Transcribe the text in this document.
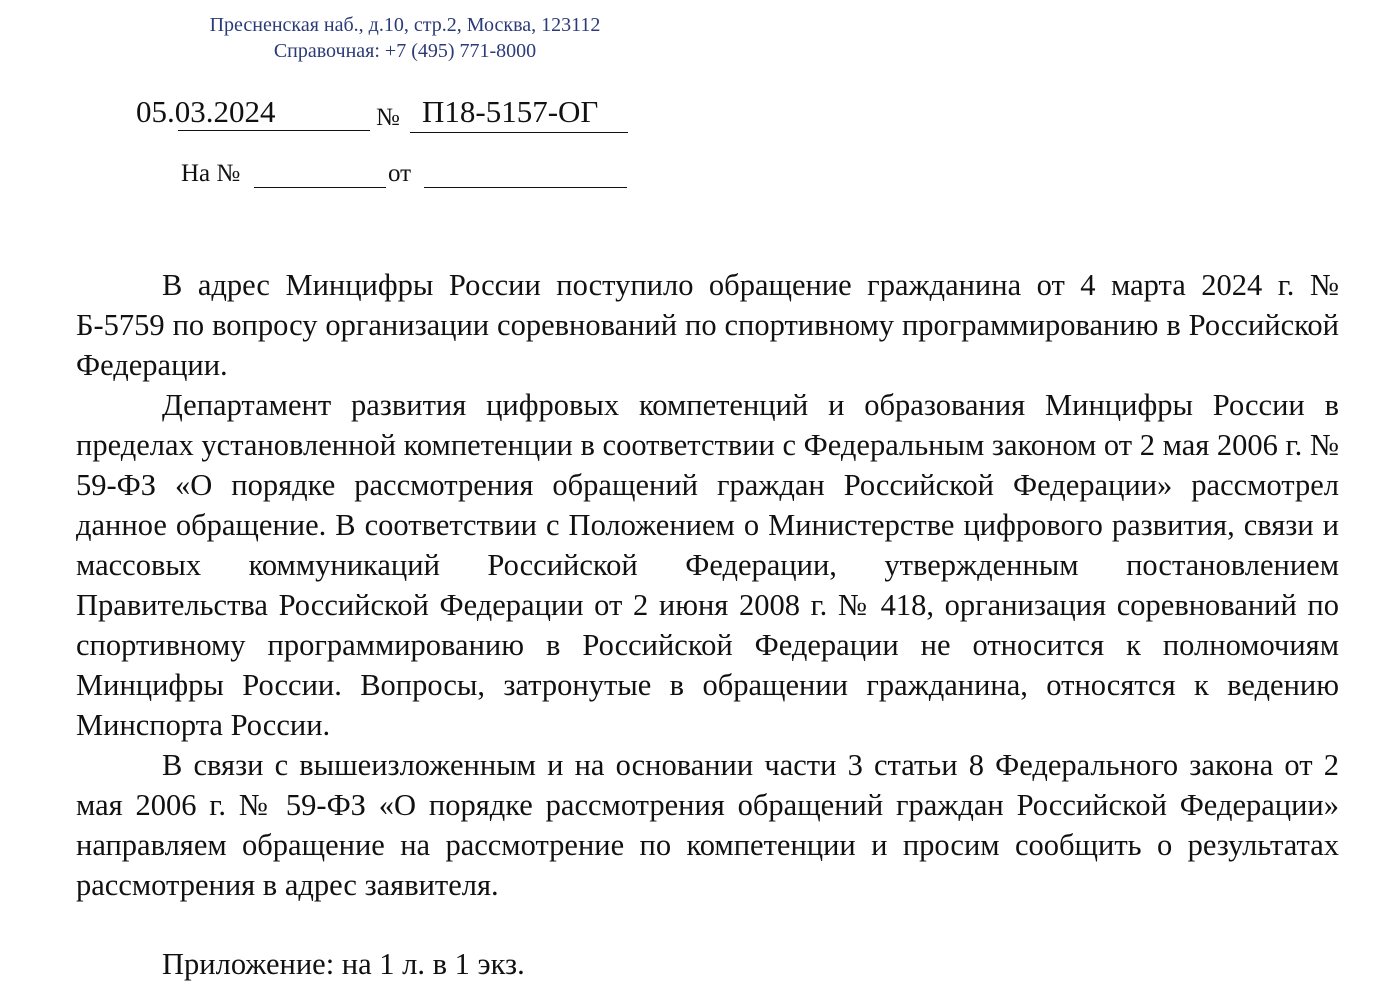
Пресненская наб., д.10, стр.2, Москва, 123112
Справочная: +7 (495) 771-8000
05.03.2024	№ П18-5157-ОГ
На №	от

В адрес Минцифры России поступило обращение гражданина от 4 марта 2024 г. № Б-5759 по вопросу организации соревнований по спортивному программированию в Российской Федерации.

Департамент развития цифровых компетенций и образования Минцифры России в пределах установленной компетенции в соответствии с Федеральным законом от 2 мая 2006 г. № 59-ФЗ «О порядке рассмотрения обращений граждан Российской Федерации» рассмотрел данное обращение. В соответствии с Положением о Министерстве цифрового развития, связи и массовых коммуникаций Российской Федерации, утвержденным постановлением Правительства Российской Федерации от 2 июня 2008 г. № 418, организация соревнований по спортивному программированию в Российской Федерации не относится к полномочиям Минцифры России. Вопросы, затронутые в обращении гражданина, относятся к ведению Минспорта России.

В связи с вышеизложенным и на основании части 3 статьи 8 Федерального закона от 2 мая 2006 г. № 59-ФЗ «О порядке рассмотрения обращений граждан Российской Федерации» направляем обращение на рассмотрение по компетенции и просим сообщить о результатах рассмотрения в адрес заявителя.

Приложение: на 1 л. в 1 экз.
